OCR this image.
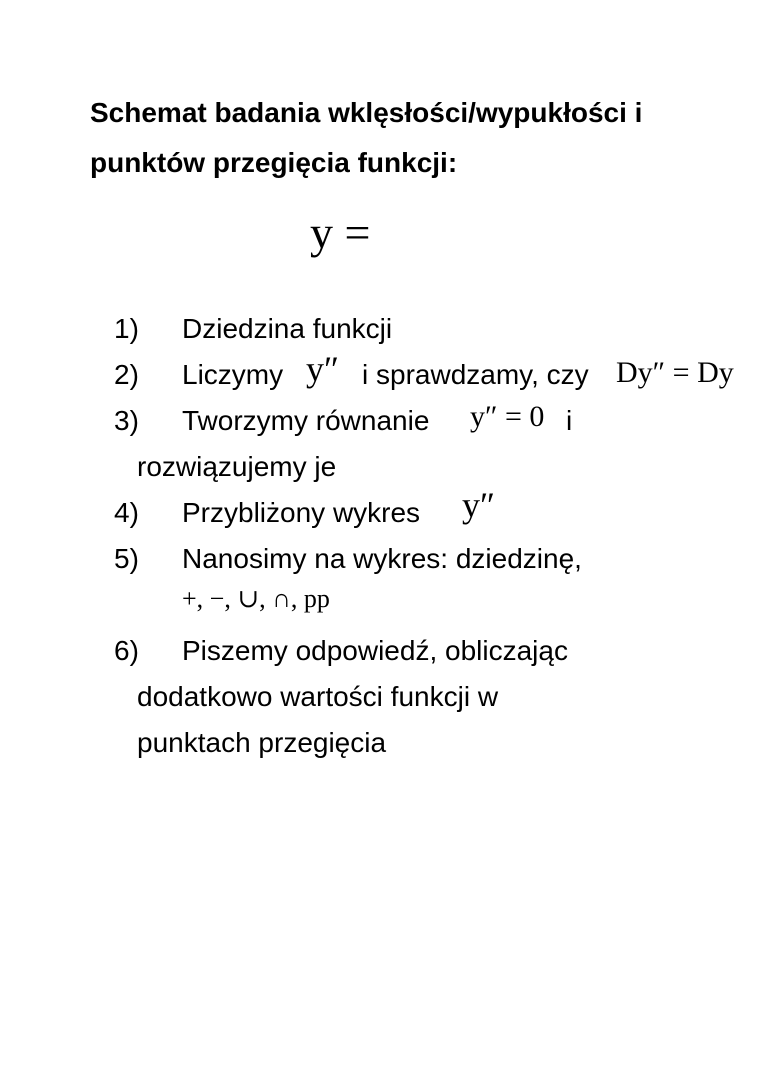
Schemat badania wklęsłości/wypukłości i
punktów przegięcia funkcji:
y =
1) Dziedzina funkcji
2) Liczymy y″ i sprawdzamy, czy Dy″ = Dy
3) Tworzymy równanie y″ = 0 i
rozwiązujemy je
4) Przybliżony wykres y″
5) Nanosimy na wykres: dziedzinę,
+, −, ∪, ∩, pp
6) Piszemy odpowiedź, obliczając
dodatkowo wartości funkcji w
punktach przegięcia
